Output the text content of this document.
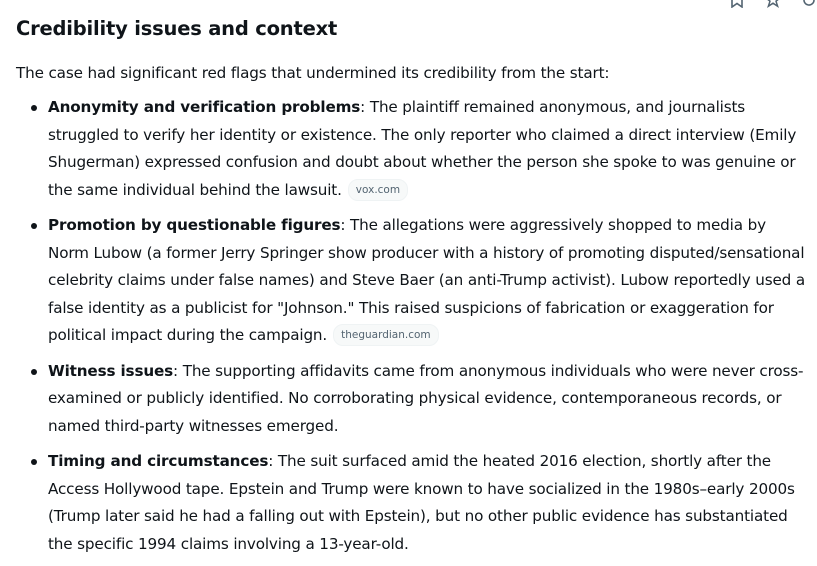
Credibility issues and context

The case had significant red flags that undermined its credibility from the start:

Anonymity and verification problems: The plaintiff remained anonymous, and journalists struggled to verify her identity or existence. The only reporter who claimed a direct interview (Emily Shugerman) expressed confusion and doubt about whether the person she spoke to was genuine or the same individual behind the lawsuit. vox.com
Promotion by questionable figures: The allegations were aggressively shopped to media by Norm Lubow (a former Jerry Springer show producer with a history of promoting disputed/sensational celebrity claims under false names) and Steve Baer (an anti-Trump activist). Lubow reportedly used a false identity as a publicist for "Johnson." This raised suspicions of fabrication or exaggeration for political impact during the campaign. theguardian.com
Witness issues: The supporting affidavits came from anonymous individuals who were never cross-examined or publicly identified. No corroborating physical evidence, contemporaneous records, or named third-party witnesses emerged.
Timing and circumstances: The suit surfaced amid the heated 2016 election, shortly after the Access Hollywood tape. Epstein and Trump were known to have socialized in the 1980s–early 2000s (Trump later said he had a falling out with Epstein), but no other public evidence has substantiated the specific 1994 claims involving a 13-year-old.
